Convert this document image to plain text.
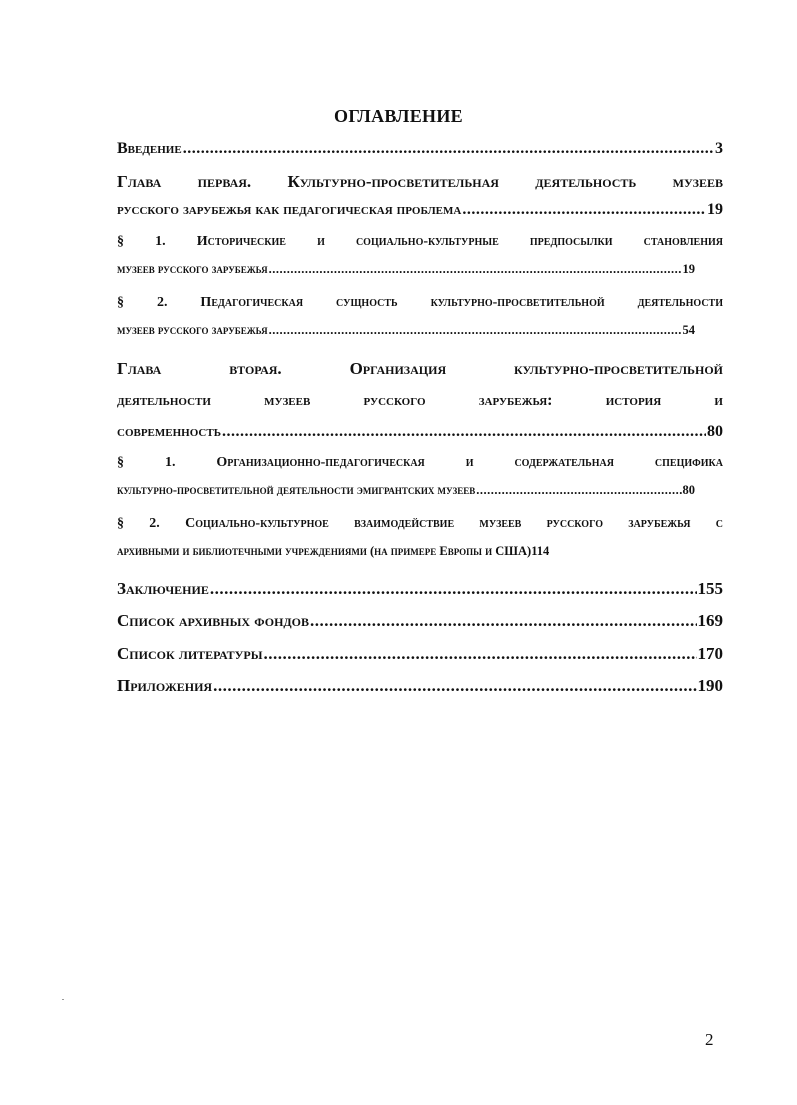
ОГЛАВЛЕНИЕ
Введение .....	3
Глава первая. Культурно-просветительная деятельность музеев
русского зарубежья как педагогическая проблема .....	19
§ 1. Исторические и социально-культурные предпосылки становления
музеев русского зарубежья .....	19
§ 2. Педагогическая сущность культурно-просветительной деятельности
музеев русского зарубежья .....	54
Глава вторая. Организация культурно-просветительной
деятельности музеев русского зарубежья: история и
современность .....	80
§ 1. Организационно-педагогическая и содержательная специфика
культурно-просветительной деятельности эмигрантских музеев .....	80
§ 2. Социально-культурное взаимодействие музеев русского зарубежья с
архивными и библиотечными учреждениями (на примере Европы и США) 114
Заключение .....	155
Список архивных фондов .....	169
Список литературы .....	170
Приложения .....	190
2
